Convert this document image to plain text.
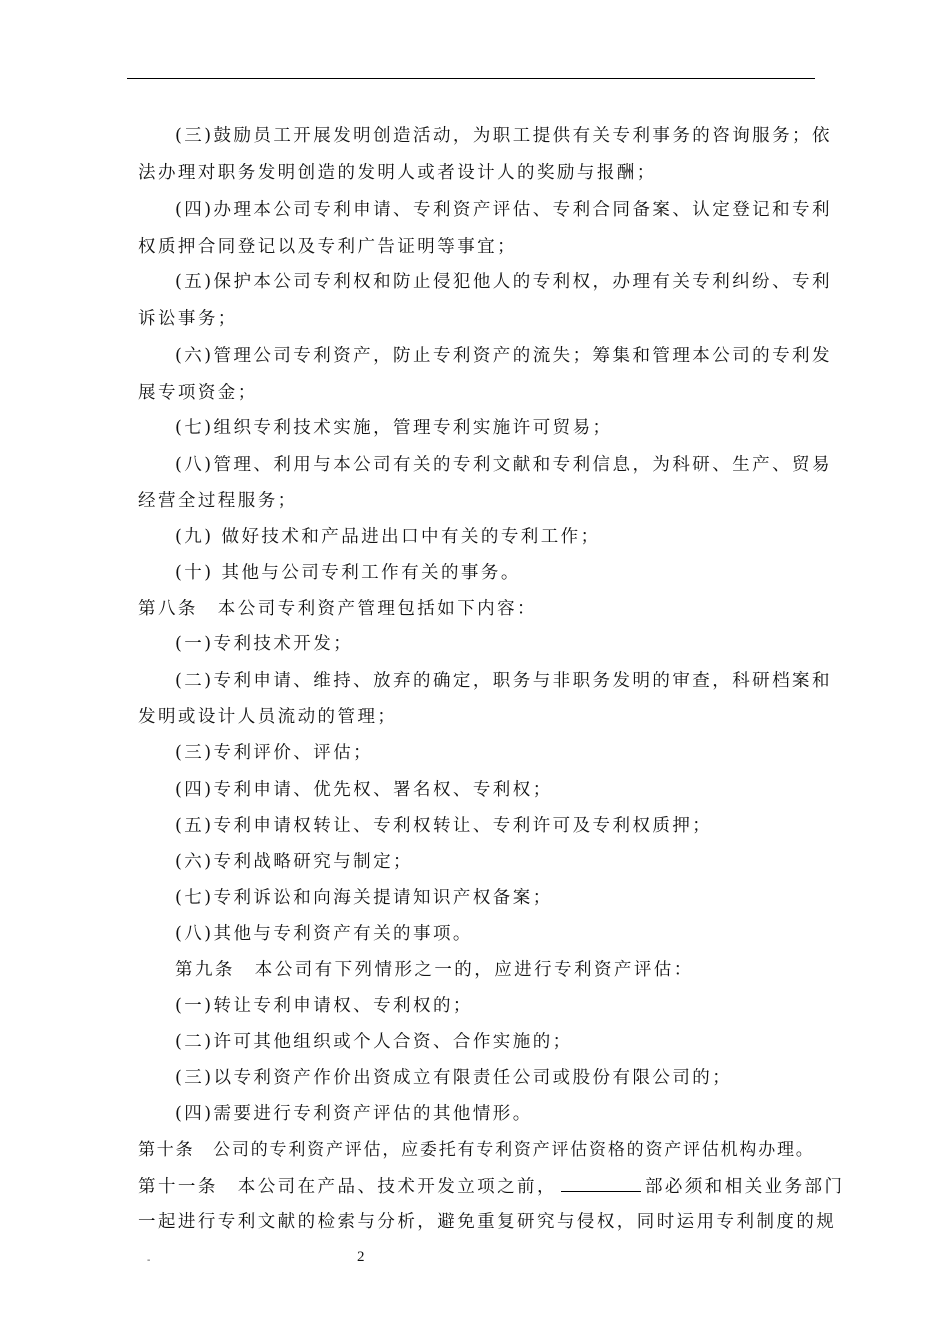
(三)鼓励员工开展发明创造活动，为职工提供有关专利事务的咨询服务；依
法办理对职务发明创造的发明人或者设计人的奖励与报酬；
(四)办理本公司专利申请、专利资产评估、专利合同备案、认定登记和专利
权质押合同登记以及专利广告证明等事宜；
(五)保护本公司专利权和防止侵犯他人的专利权，办理有关专利纠纷、专利
诉讼事务；
(六)管理公司专利资产，防止专利资产的流失；筹集和管理本公司的专利发
展专项资金；
(七)组织专利技术实施，管理专利实施许可贸易；
(八)管理、利用与本公司有关的专利文献和专利信息，为科研、生产、贸易
经营全过程服务；
(九) 做好技术和产品进出口中有关的专利工作；
(十) 其他与公司专利工作有关的事务。
第八条　本公司专利资产管理包括如下内容：
(一)专利技术开发；
(二)专利申请、维持、放弃的确定，职务与非职务发明的审查，科研档案和
发明或设计人员流动的管理；
(三)专利评价、评估；
(四)专利申请、优先权、署名权、专利权；
(五)专利申请权转让、专利权转让、专利许可及专利权质押；
(六)专利战略研究与制定；
(七)专利诉讼和向海关提请知识产权备案；
(八)其他与专利资产有关的事项。
第九条　本公司有下列情形之一的，应进行专利资产评估：
(一)转让专利申请权、专利权的；
(二)许可其他组织或个人合资、合作实施的；
(三)以专利资产作价出资成立有限责任公司或股份有限公司的；
(四)需要进行专利资产评估的其他情形。
第十条　公司的专利资产评估，应委托有专利资产评估资格的资产评估机构办理。
第十一条　本公司在产品、技术开发立项之前，	部必须和相关业务部门
一起进行专利文献的检索与分析，避免重复研究与侵权，同时运用专利制度的规
-	2
